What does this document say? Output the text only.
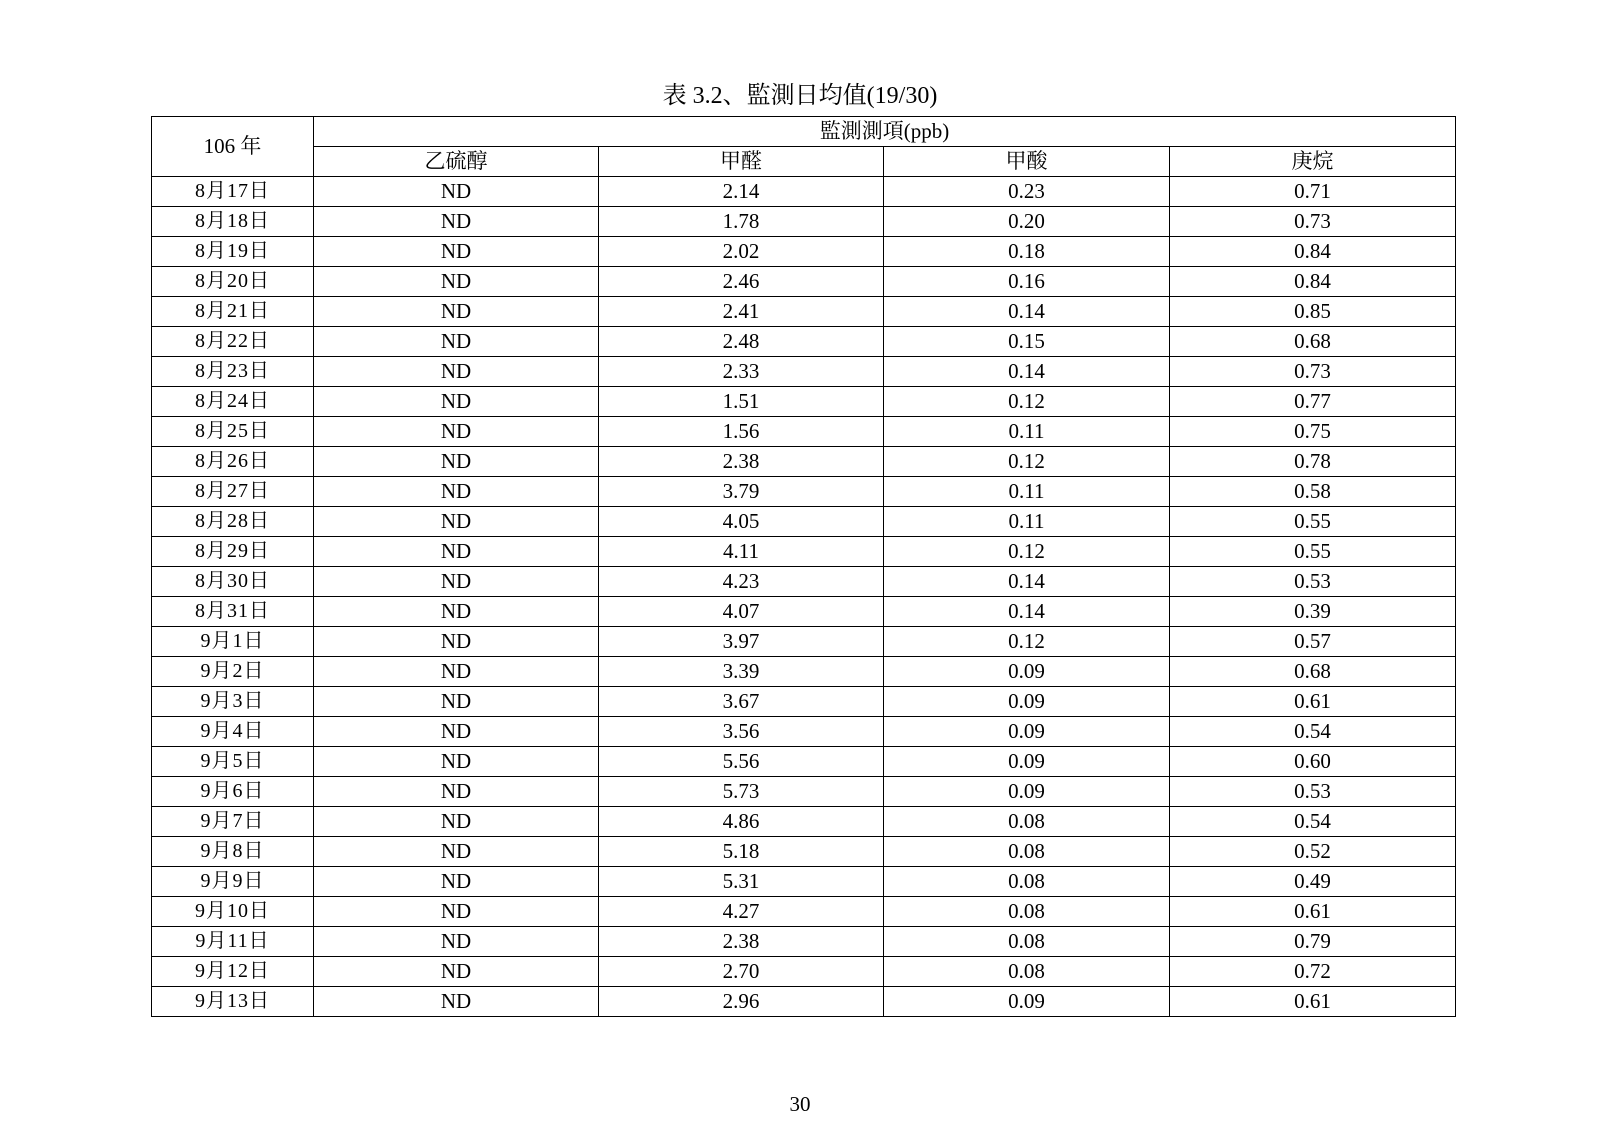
表 3.2、監測日均值(19/30)
106 年	監測測項(ppb)			
	乙硫醇	甲醛	甲酸	庚烷
8月17日	ND	2.14	0.23	0.71
8月18日	ND	1.78	0.20	0.73
8月19日	ND	2.02	0.18	0.84
8月20日	ND	2.46	0.16	0.84
8月21日	ND	2.41	0.14	0.85
8月22日	ND	2.48	0.15	0.68
8月23日	ND	2.33	0.14	0.73
8月24日	ND	1.51	0.12	0.77
8月25日	ND	1.56	0.11	0.75
8月26日	ND	2.38	0.12	0.78
8月27日	ND	3.79	0.11	0.58
8月28日	ND	4.05	0.11	0.55
8月29日	ND	4.11	0.12	0.55
8月30日	ND	4.23	0.14	0.53
8月31日	ND	4.07	0.14	0.39
9月1日	ND	3.97	0.12	0.57
9月2日	ND	3.39	0.09	0.68
9月3日	ND	3.67	0.09	0.61
9月4日	ND	3.56	0.09	0.54
9月5日	ND	5.56	0.09	0.60
9月6日	ND	5.73	0.09	0.53
9月7日	ND	4.86	0.08	0.54
9月8日	ND	5.18	0.08	0.52
9月9日	ND	5.31	0.08	0.49
9月10日	ND	4.27	0.08	0.61
9月11日	ND	2.38	0.08	0.79
9月12日	ND	2.70	0.08	0.72
9月13日	ND	2.96	0.09	0.61
30
